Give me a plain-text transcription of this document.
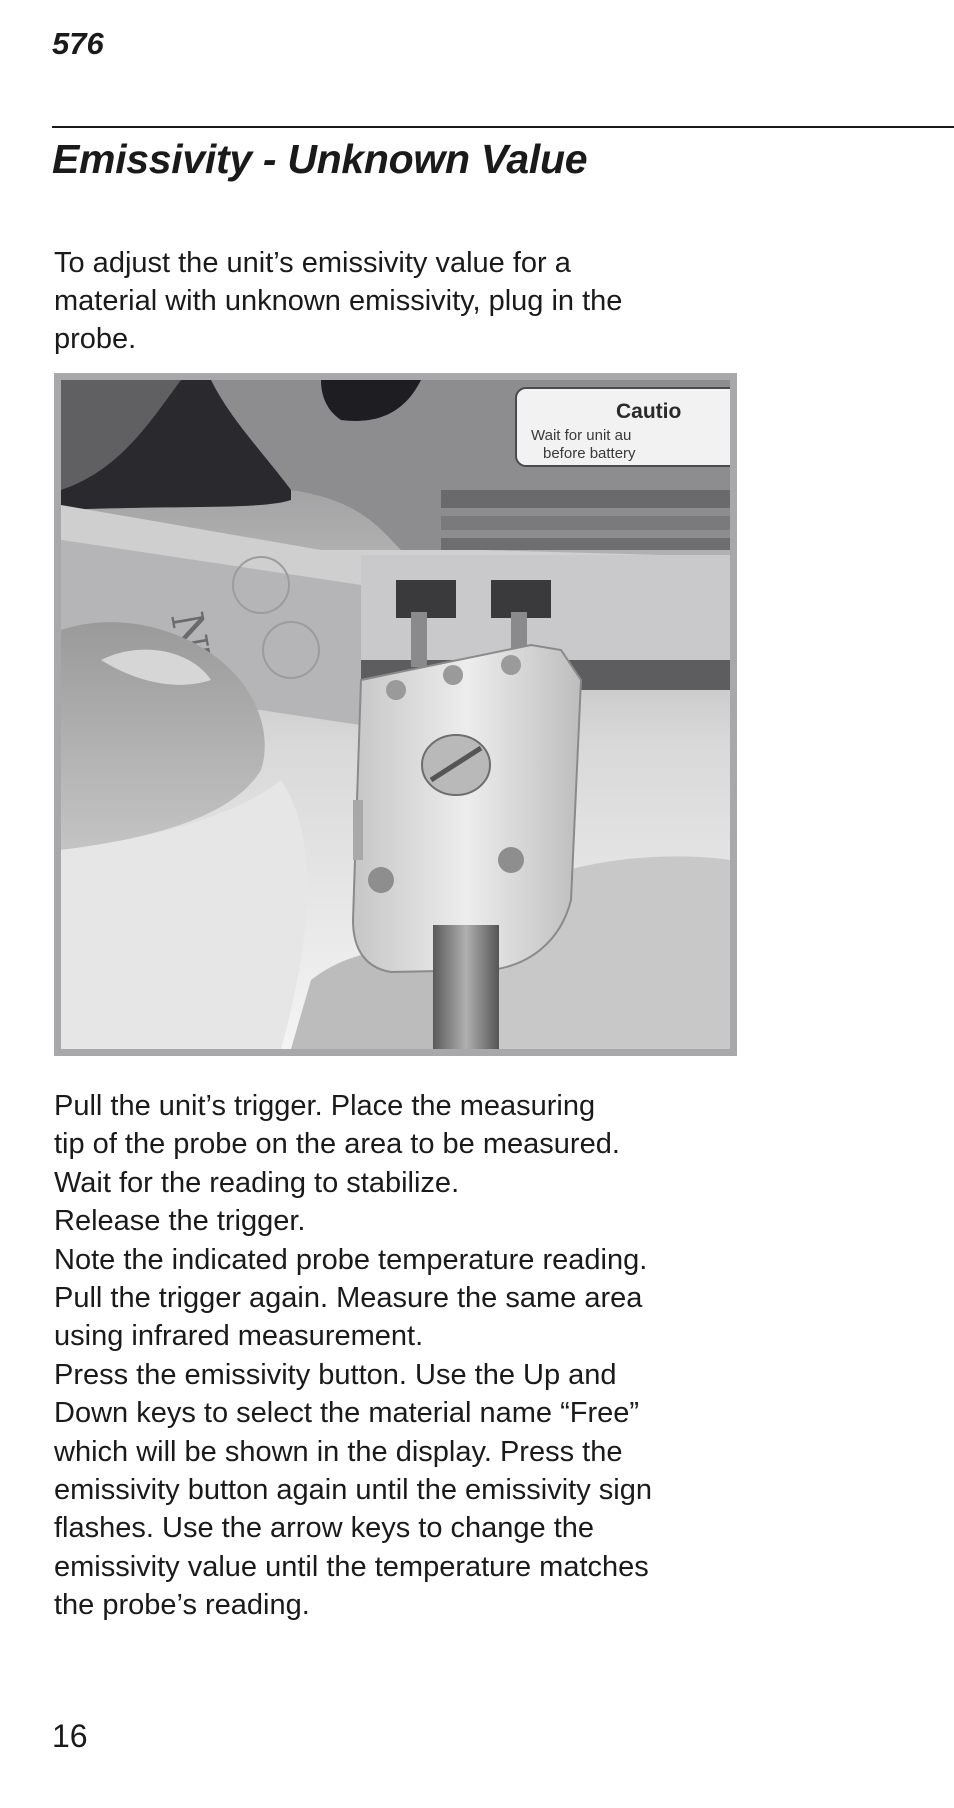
576

Emissivity - Unknown Value

To adjust the unit’s emissivity value for a
material with unknown emissivity, plug in the
probe.

Cautio
Wait for unit au
before battery

Pull the unit’s trigger. Place the measuring
tip of the probe on the area to be measured.
Wait for the reading to stabilize.
Release the trigger.
Note the indicated probe temperature reading.
Pull the trigger again. Measure the same area
using infrared measurement.
Press the emissivity button. Use the Up and
Down keys to select the material name “Free”
which will be shown in the display. Press the
emissivity button again until the emissivity sign
flashes. Use the arrow keys to change the
emissivity value until the temperature matches
the probe’s reading.

16
